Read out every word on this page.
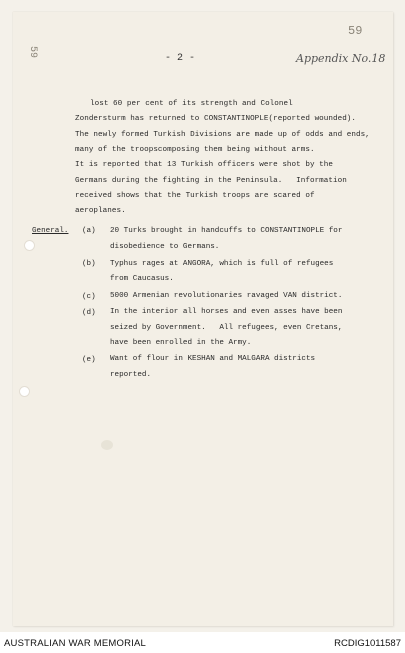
59
59
- 2 -	Appendix No.18
lost 60 per cent of its strength and Colonel
Zondersturm has returned to CONSTANTINOPLE(reported wounded).
The newly formed Turkish Divisions are made up of odds and ends,
many of the troopscomposing them being without arms.
It is reported that 13 Turkish officers were shot by the
Germans during the fighting in the Peninsula.   Information
received shows that the Turkish troops are scared of
aeroplanes.
General. (a) 20 Turks brought in handcuffs to CONSTANTINOPLE for
disobedience to Germans.
(b) Typhus rages at ANGORA, which is full of refugees
from Caucasus.
(c) 5000 Armenian revolutionaries ravaged VAN district.
(d) In the interior all horses and even asses have been
seized by Government.   All refugees, even Cretans,
have been enrolled in the Army.
(e) Want of flour in KESHAN and MALGARA districts
reported.
AUSTRALIAN WAR MEMORIAL	RCDIG1011587
